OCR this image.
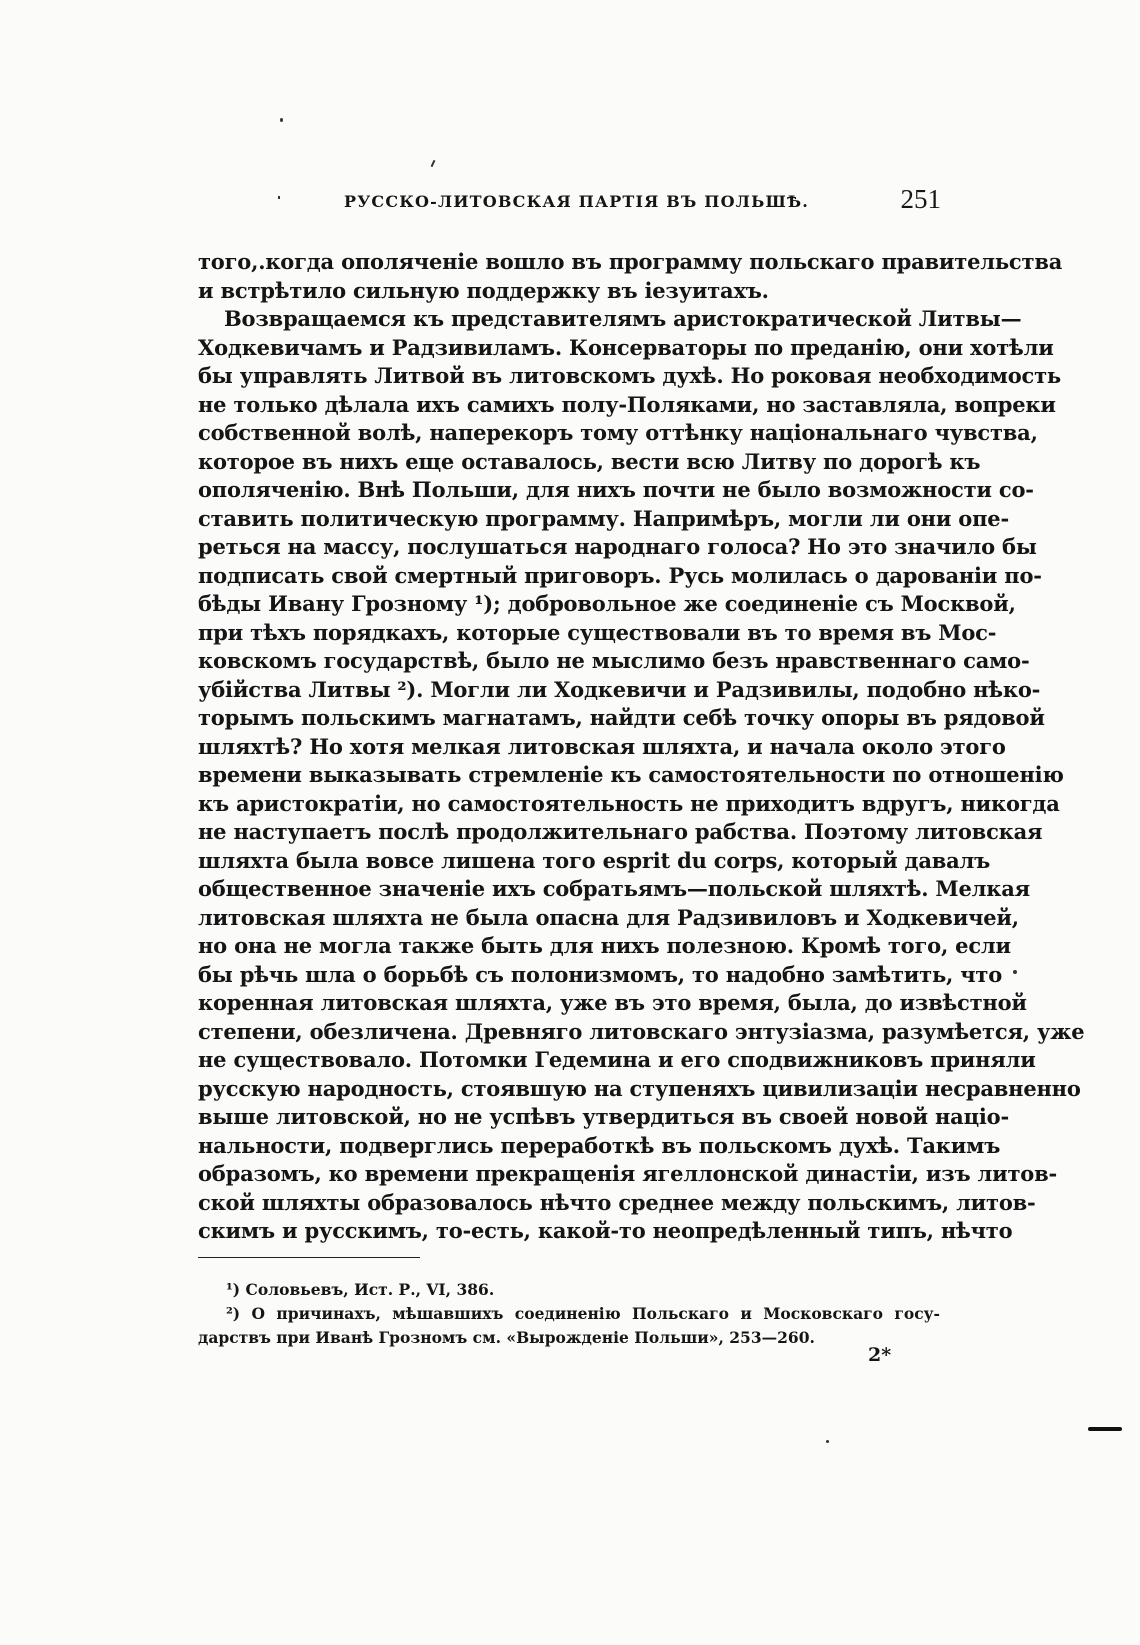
РУССКО-ЛИТОВСКАЯ ПАРТІЯ ВЪ ПОЛЬШѢ.	251
того,.когда ополяченіе вошло въ программу польскаго правительства
и встрѣтило сильную поддержку въ іезуитахъ.
Возвращаемся къ представителямъ аристократической Литвы—
Ходкевичамъ и Радзивиламъ. Консерваторы по преданію, они хотѣли
бы управлять Литвой въ литовскомъ духѣ. Но роковая необходимость
не только дѣлала ихъ самихъ полу-Поляками, но заставляла, вопреки
собственной волѣ, наперекоръ тому оттѣнку національнаго чувства,
которое въ нихъ еще оставалось, вести всю Литву по дорогѣ къ
ополяченію. Внѣ Польши, для нихъ почти не было возможности со-
ставить политическую программу. Напримѣръ, могли ли они опе-
реться на массу, послушаться народнаго голоса? Но это значило бы
подписать свой смертный приговоръ. Русь молилась о дарованіи по-
бѣды Ивану Грозному ¹); добровольное же соединеніе съ Москвой,
при тѣхъ порядкахъ, которые существовали въ то время въ Мос-
ковскомъ государствѣ, было не мыслимо безъ нравственнаго само-
убійства Литвы ²). Могли ли Ходкевичи и Радзивилы, подобно нѣко-
торымъ польскимъ магнатамъ, найдти себѣ точку опоры въ рядовой
шляхтѣ? Но хотя мелкая литовская шляхта, и начала около этого
времени выказывать стремленіе къ самостоятельности по отношенію
къ аристократіи, но самостоятельность не приходитъ вдругъ, никогда
не наступаетъ послѣ продолжительнаго рабства. Поэтому литовская
шляхта была вовсе лишена того esprit du corps, который давалъ
общественное значеніе ихъ собратьямъ—польской шляхтѣ. Мелкая
литовская шляхта не была опасна для Радзивиловъ и Ходкевичей,
но она не могла также быть для нихъ полезною. Кромѣ того, если
бы рѣчь шла о борьбѣ съ полонизмомъ, то надобно замѣтить, что
коренная литовская шляхта, уже въ это время, была, до извѣстной
степени, обезличена. Древняго литовскаго энтузіазма, разумѣется, уже
не существовало. Потомки Гедемина и его сподвижниковъ приняли
русскую народность, стоявшую на ступеняхъ цивилизаціи несравненно
выше литовской, но не успѣвъ утвердиться въ своей новой націо-
нальности, подверглись переработкѣ въ польскомъ духѣ. Такимъ
образомъ, ко времени прекращенія ягеллонской династіи, изъ литов-
ской шляхты образовалось нѣчто среднее между польскимъ, литов-
скимъ и русскимъ, то-есть, какой-то неопредѣленный типъ, нѣчто
¹) Соловьевъ, Ист. Р., VI, 386.
²) О причинахъ, мѣшавшихъ соединенію Польскаго и Московскаго госу-
дарствъ при Иванѣ Грозномъ см. «Вырожденіе Польши», 253—260.
2*
